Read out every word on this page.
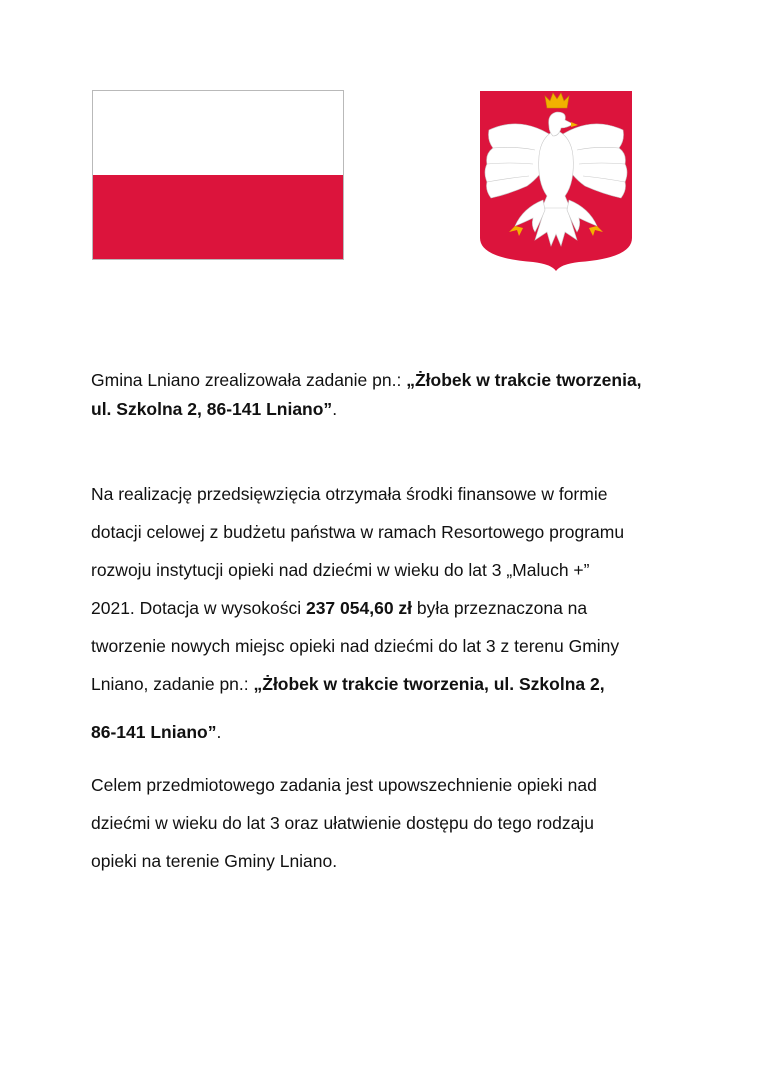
Gmina Lniano zrealizowała zadanie pn.: „Żłobek w trakcie tworzenia,
ul. Szkolna 2, 86-141 Lniano”.
Na realizację przedsięwzięcia otrzymała środki finansowe w formie
dotacji celowej z budżetu państwa w ramach Resortowego programu
rozwoju instytucji opieki nad dziećmi w wieku do lat 3 „Maluch +”
2021. Dotacja w wysokości 237 054,60 zł była przeznaczona na
tworzenie nowych miejsc opieki nad dziećmi do lat 3 z terenu Gminy
Lniano, zadanie pn.: „Żłobek w trakcie tworzenia, ul. Szkolna 2,
86-141 Lniano”.
Celem przedmiotowego zadania jest upowszechnienie opieki nad
dziećmi w wieku do lat 3 oraz ułatwienie dostępu do tego rodzaju
opieki na terenie Gminy Lniano.
